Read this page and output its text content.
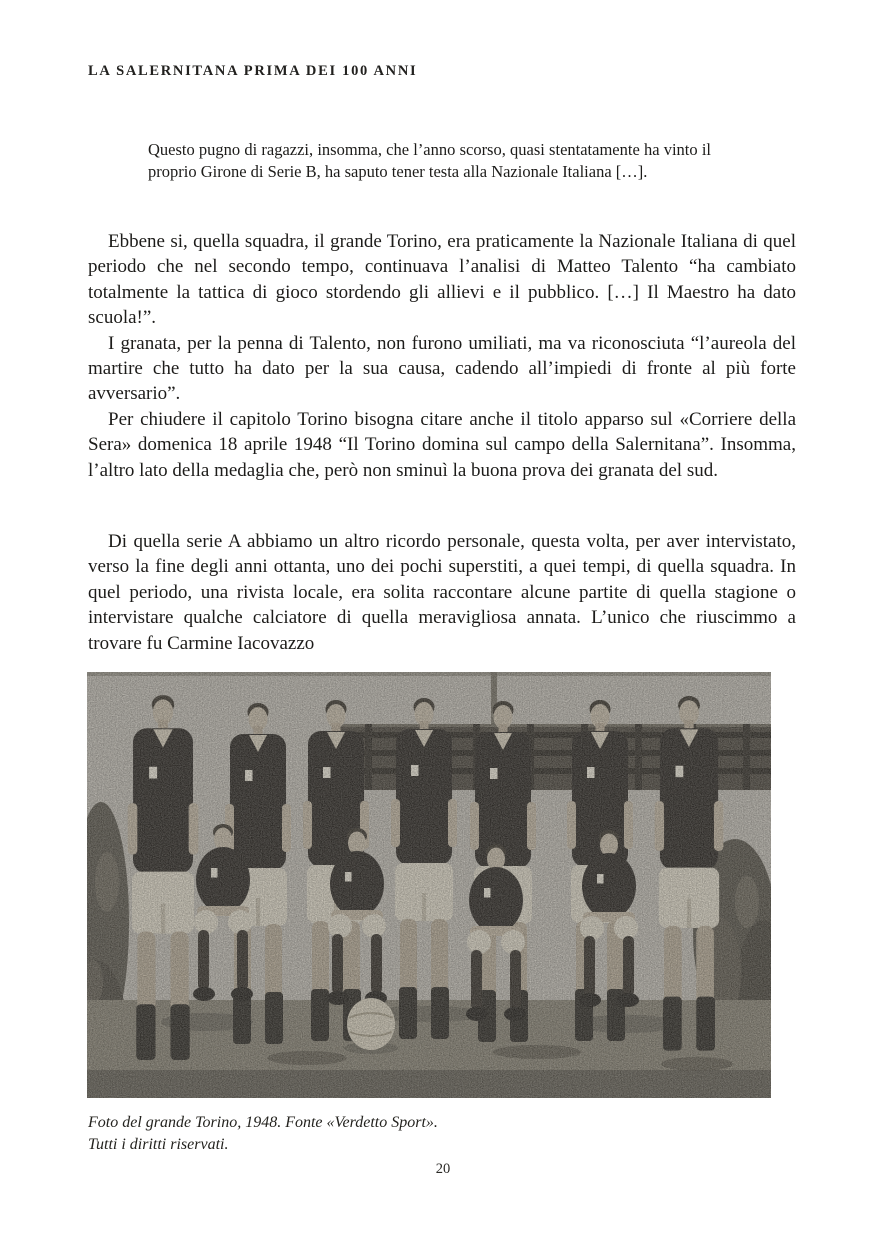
LA SALERNITANA PRIMA DEI 100 ANNI
Questo pugno di ragazzi, insomma, che l’anno scorso, quasi stentatamente ha vinto il proprio Girone di Serie B, ha saputo tener testa alla Nazionale Italiana […].

Ebbene si, quella squadra, il grande Torino, era praticamente la Nazionale Italiana di quel periodo che nel secondo tempo, continuava l’analisi di Matteo Talento “ha cambiato totalmente la tattica di gioco stordendo gli allievi e il pubblico. […] Il Maestro ha dato scuola!”.

I granata, per la penna di Talento, non furono umiliati, ma va riconosciuta “l’aureola del martire che tutto ha dato per la sua causa, cadendo all’impiedi di fronte al più forte avversario”.

Per chiudere il capitolo Torino bisogna citare anche il titolo apparso sul «Corriere della Sera» domenica 18 aprile 1948 “Il Torino domina sul campo della Salernitana”. Insomma, l’altro lato della medaglia che, però non sminuì la buona prova dei granata del sud.

Di quella serie A abbiamo un altro ricordo personale, questa volta, per aver intervistato, verso la fine degli anni ottanta, uno dei pochi superstiti, a quei tempi, di quella squadra. In quel periodo, una rivista locale, era solita raccontare alcune partite di quella stagione o intervistare qualche calciatore di quella meravigliosa annata. L’unico che riuscimmo a trovare fu Carmine Iacovazzo

Foto del grande Torino, 1948. Fonte «Verdetto Sport».
Tutti i diritti riservati.
20
